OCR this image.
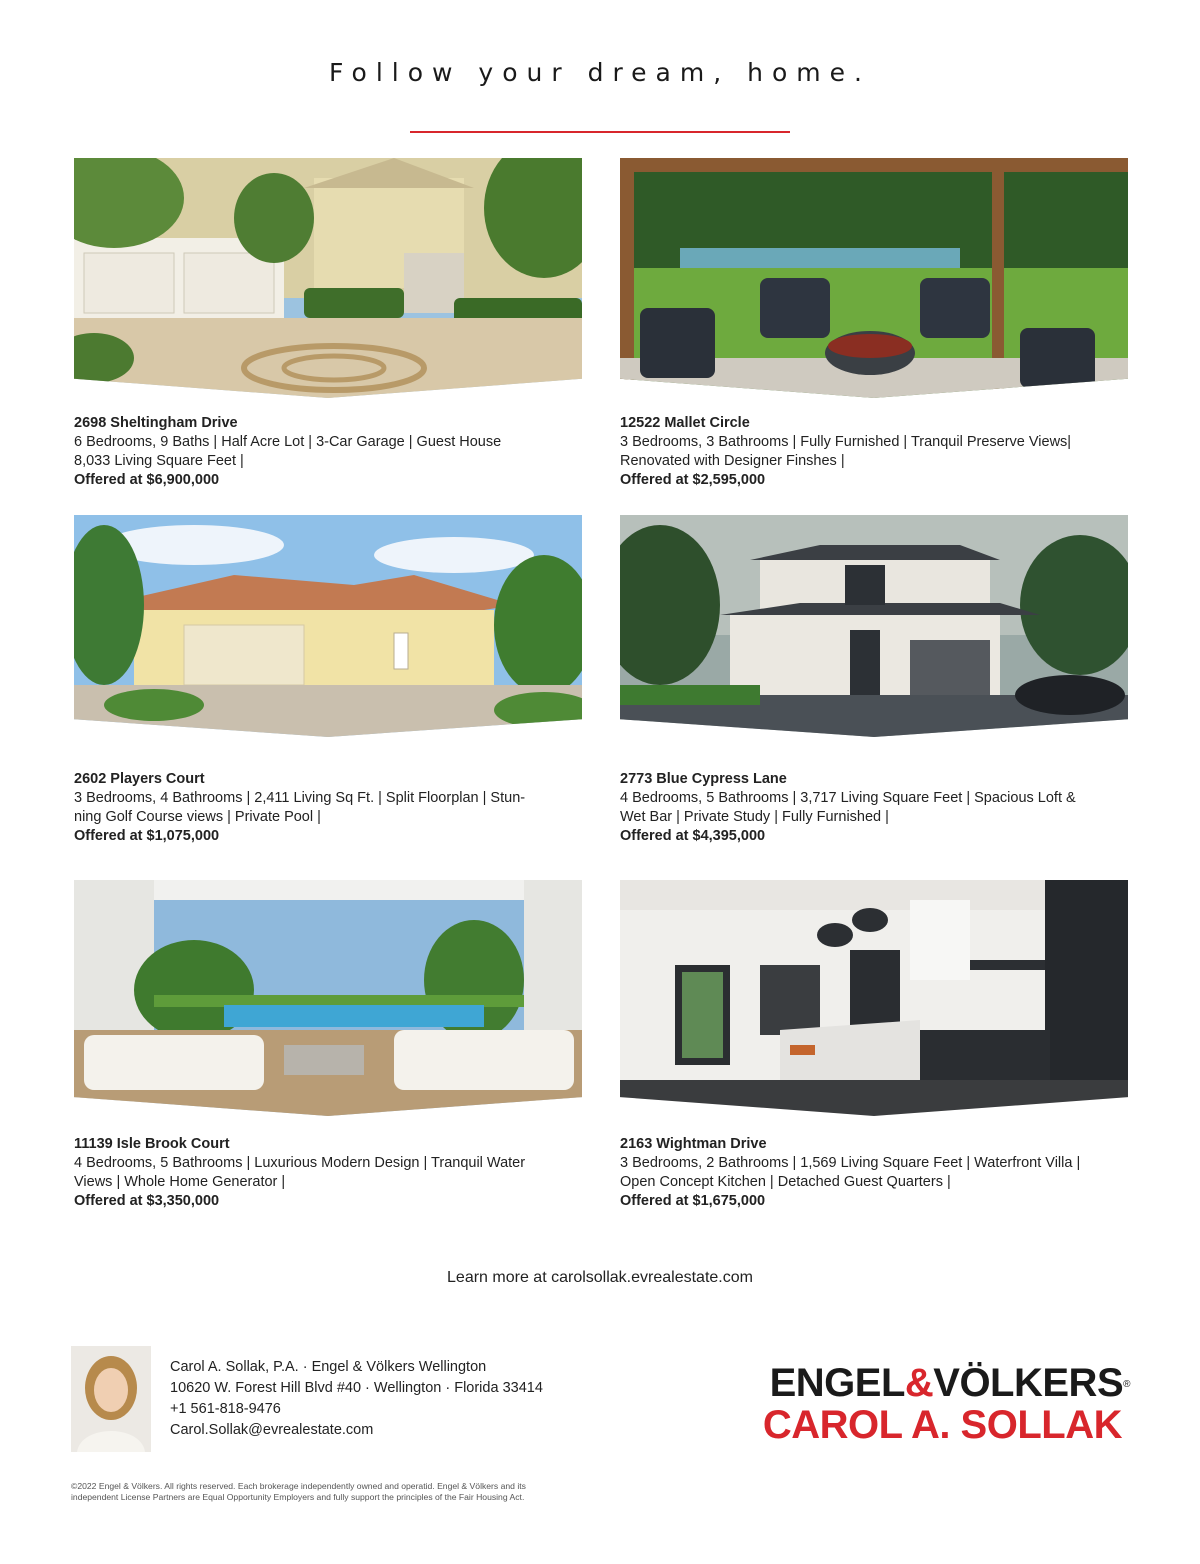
Follow your dream, home.
2698 Sheltingham Drive
6 Bedrooms, 9 Baths | Half Acre Lot | 3-Car Garage | Guest House
8,033 Living Square Feet |
Offered at $6,900,000
12522 Mallet Circle
3 Bedrooms, 3 Bathrooms | Fully Furnished | Tranquil Preserve Views|
Renovated with Designer Finshes |
Offered at $2,595,000
2602 Players Court
3 Bedrooms, 4 Bathrooms | 2,411 Living Sq Ft. | Split Floorplan | Stun-
ning Golf Course views | Private Pool |
Offered at $1,075,000
2773 Blue Cypress Lane
4 Bedrooms, 5 Bathrooms | 3,717 Living Square Feet | Spacious Loft &
Wet Bar | Private Study | Fully Furnished |
Offered at $4,395,000
11139 Isle Brook Court
4 Bedrooms, 5 Bathrooms | Luxurious Modern Design | Tranquil Water
Views | Whole Home Generator |
Offered at $3,350,000
2163 Wightman Drive
3 Bedrooms, 2 Bathrooms | 1,569 Living Square Feet | Waterfront Villa |
Open Concept Kitchen | Detached Guest Quarters |
Offered at $1,675,000
Learn more at carolsollak.evrealestate.com
Carol A. Sollak, P.A. · Engel & Völkers Wellington
10620 W. Forest Hill Blvd #40 · Wellington · Florida 33414
+1 561-818-9476
Carol.Sollak@evrealestate.com
ENGEL&VÖLKERS®
CAROL A. SOLLAK
©2022 Engel & Völkers. All rights reserved. Each brokerage independently owned and operatid. Engel & Völkers and its independent License Partners are Equal Opportunity Employers and fully support the principles of the Fair Housing Act.
